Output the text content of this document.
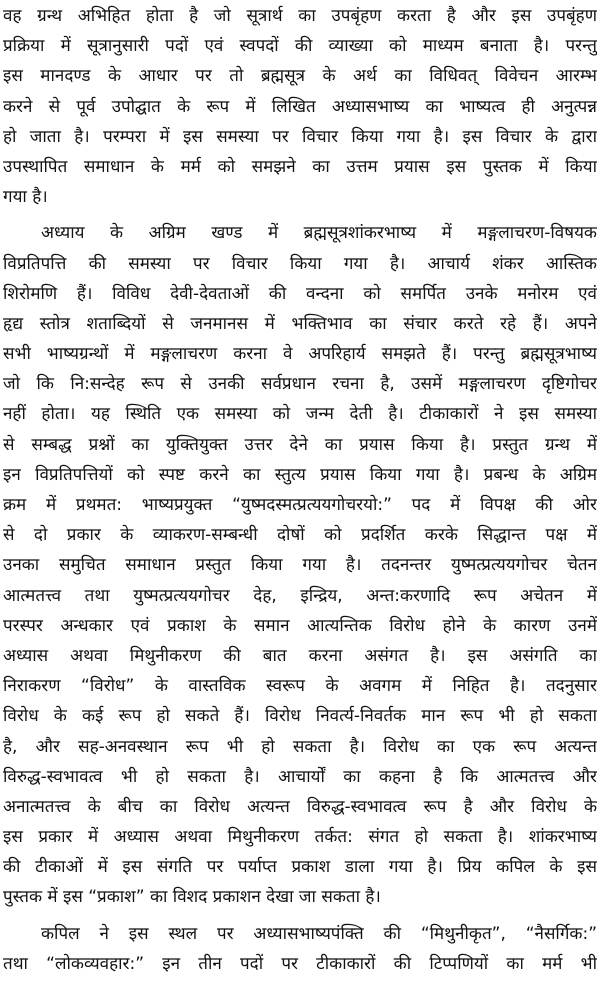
वह ग्रन्थ अभिहित होता है जो सूत्रार्थ का उपबृंहण करता है और इस उपबृंहण
प्रक्रिया में सूत्रानुसारी पदों एवं स्वपदों की व्याख्या को माध्यम बनाता है। परन्तु
इस मानदण्ड के आधार पर तो ब्रह्मसूत्र के अर्थ का विधिवत् विवेचन आरम्भ
करने से पूर्व उपोद्घात के रूप में लिखित अध्यासभाष्य का भाष्यत्व ही अनुत्पन्न
हो जाता है। परम्परा में इस समस्या पर विचार किया गया है। इस विचार के द्वारा
उपस्थापित समाधान के मर्म को समझने का उत्तम प्रयास इस पुस्तक में किया
गया है।
अध्याय के अग्रिम खण्ड में ब्रह्मसूत्रशांकरभाष्य में मङ्गलाचरण-विषयक
विप्रतिपत्ति की समस्या पर विचार किया गया है। आचार्य शंकर आस्तिक
शिरोमणि हैं। विविध देवी-देवताओं की वन्दना को समर्पित उनके मनोरम एवं
हृद्य स्तोत्र शताब्दियों से जनमानस में भक्तिभाव का संचार करते रहे हैं। अपने
सभी भाष्यग्रन्थों में मङ्गलाचरण करना वे अपरिहार्य समझते हैं। परन्तु ब्रह्मसूत्रभाष्य
जो कि नि:सन्देह रूप से उनकी सर्वप्रधान रचना है, उसमें मङ्गलाचरण दृष्टिगोचर
नहीं होता। यह स्थिति एक समस्या को जन्म देती है। टीकाकारों ने इस समस्या
से सम्बद्ध प्रश्नों का युक्तियुक्त उत्तर देने का प्रयास किया है। प्रस्तुत ग्रन्थ में
इन विप्रतिपत्तियों को स्पष्ट करने का स्तुत्य प्रयास किया गया है। प्रबन्ध के अग्रिम
क्रम में प्रथमत: भाष्यप्रयुक्त “युष्मदस्मत्प्रत्ययगोचरयो:” पद में विपक्ष की ओर
से दो प्रकार के व्याकरण-सम्बन्धी दोषों को प्रदर्शित करके सिद्धान्त पक्ष में
उनका समुचित समाधान प्रस्तुत किया गया है। तदनन्तर युष्मत्प्रत्ययगोचर चेतन
आत्मतत्त्व तथा युष्मत्प्रत्ययगोचर देह, इन्द्रिय, अन्त:करणादि रूप अचेतन में
परस्पर अन्धकार एवं प्रकाश के समान आत्यन्तिक विरोध होने के कारण उनमें
अध्यास अथवा मिथुनीकरण की बात करना असंगत है। इस असंगति का
निराकरण “विरोध” के वास्तविक स्वरूप के अवगम में निहित है। तदनुसार
विरोध के कई रूप हो सकते हैं। विरोध निवर्त्य-निवर्तक मान रूप भी हो सकता
है, और सह-अनवस्थान रूप भी हो सकता है। विरोध का एक रूप अत्यन्त
विरुद्ध-स्वभावत्व भी हो सकता है। आचार्यों का कहना है कि आत्मतत्त्व और
अनात्मतत्त्व के बीच का विरोध अत्यन्त विरुद्ध-स्वभावत्व रूप है और विरोध के
इस प्रकार में अध्यास अथवा मिथुनीकरण तर्कत: संगत हो सकता है। शांकरभाष्य
की टीकाओं में इस संगति पर पर्याप्त प्रकाश डाला गया है। प्रिय कपिल के इस
पुस्तक में इस “प्रकाश” का विशद प्रकाशन देखा जा सकता है।
कपिल ने इस स्थल पर अध्यासभाष्यपंक्ति की “मिथुनीकृत”, “नैसर्गिक:”
तथा “लोकव्यवहार:” इन तीन पदों पर टीकाकारों की टिप्पणियों का मर्म भी
